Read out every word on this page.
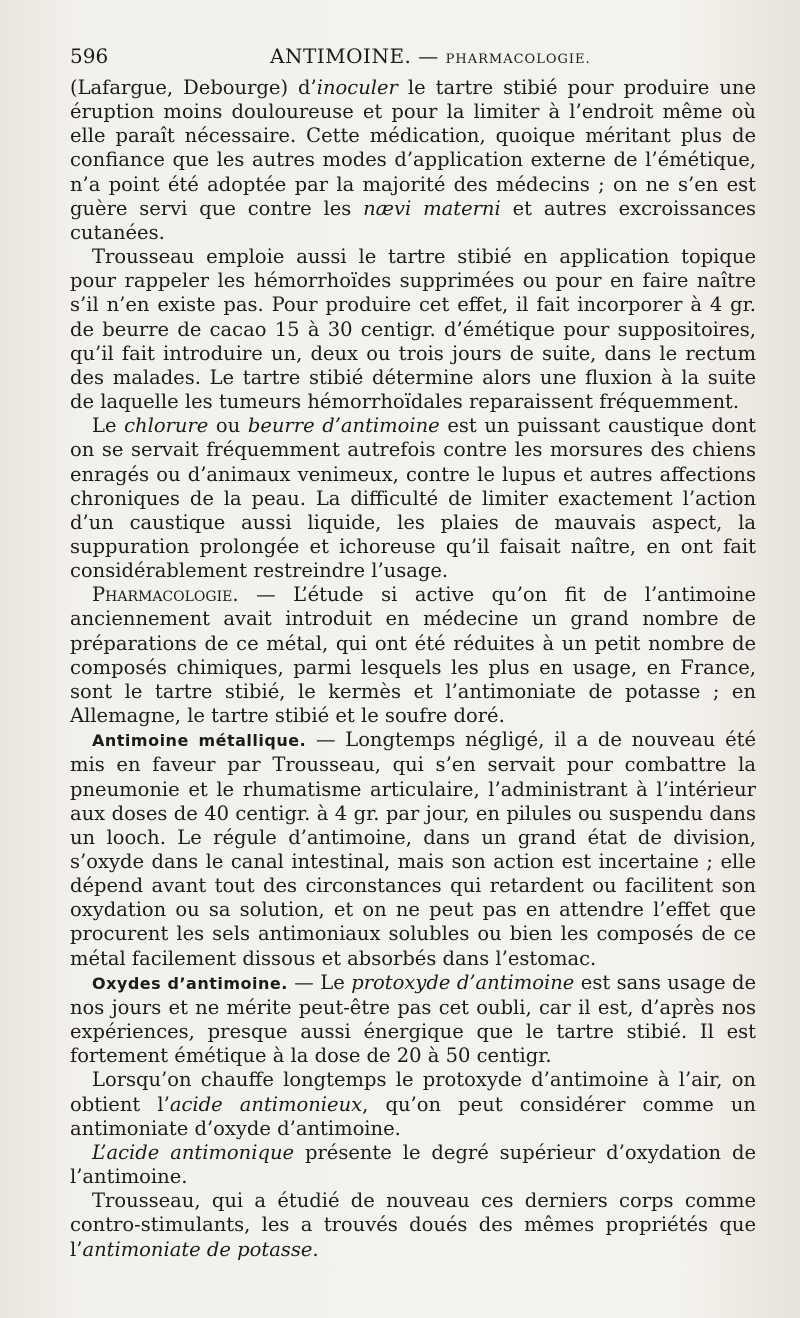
596	ANTIMOINE. — PHARMACOLOGIE.

(Lafargue, Debourge) d’inoculer le tartre stibié pour produire une éruption moins douloureuse et pour la limiter à l’endroit même où elle paraît nécessaire. Cette médication, quoique méritant plus de confiance que les autres modes d’application externe de l’émétique, n’a point été adoptée par la majorité des médecins ; on ne s’en est guère servi que contre les nævi materni et autres excroissances cutanées.

Trousseau emploie aussi le tartre stibié en application topique pour rappeler les hémorrhoïdes supprimées ou pour en faire naître s’il n’en existe pas. Pour produire cet effet, il fait incorporer à 4 gr. de beurre de cacao 15 à 30 centigr. d’émétique pour suppositoires, qu’il fait introduire un, deux ou trois jours de suite, dans le rectum des malades. Le tartre stibié détermine alors une fluxion à la suite de laquelle les tumeurs hémorrhoïdales reparaissent fréquemment.

Le chlorure ou beurre d’antimoine est un puissant caustique dont on se servait fréquemment autrefois contre les morsures des chiens enragés ou d’animaux venimeux, contre le lupus et autres affections chroniques de la peau. La difficulté de limiter exactement l’action d’un caustique aussi liquide, les plaies de mauvais aspect, la suppuration prolongée et ichoreuse qu’il faisait naître, en ont fait considérablement restreindre l’usage.

Pharmacologie. — L’étude si active qu’on fit de l’antimoine anciennement avait introduit en médecine un grand nombre de préparations de ce métal, qui ont été réduites à un petit nombre de composés chimiques, parmi lesquels les plus en usage, en France, sont le tartre stibié, le kermès et l’antimoniate de potasse ; en Allemagne, le tartre stibié et le soufre doré.

Antimoine métallique. — Longtemps négligé, il a de nouveau été mis en faveur par Trousseau, qui s’en servait pour combattre la pneumonie et le rhumatisme articulaire, l’administrant à l’intérieur aux doses de 40 centigr. à 4 gr. par jour, en pilules ou suspendu dans un looch. Le régule d’antimoine, dans un grand état de division, s’oxyde dans le canal intestinal, mais son action est incertaine ; elle dépend avant tout des circonstances qui retardent ou facilitent son oxydation ou sa solution, et on ne peut pas en attendre l’effet que procurent les sels antimoniaux solubles ou bien les composés de ce métal facilement dissous et absorbés dans l’estomac.

Oxydes d’antimoine. — Le protoxyde d’antimoine est sans usage de nos jours et ne mérite peut-être pas cet oubli, car il est, d’après nos expériences, presque aussi énergique que le tartre stibié. Il est fortement émétique à la dose de 20 à 50 centigr.

Lorsqu’on chauffe longtemps le protoxyde d’antimoine à l’air, on obtient l’acide antimonieux, qu’on peut considérer comme un antimoniate d’oxyde d’antimoine.

L’acide antimonique présente le degré supérieur d’oxydation de l’antimoine.

Trousseau, qui a étudié de nouveau ces derniers corps comme contro-stimulants, les a trouvés doués des mêmes propriétés que l’antimoniate de potasse.
